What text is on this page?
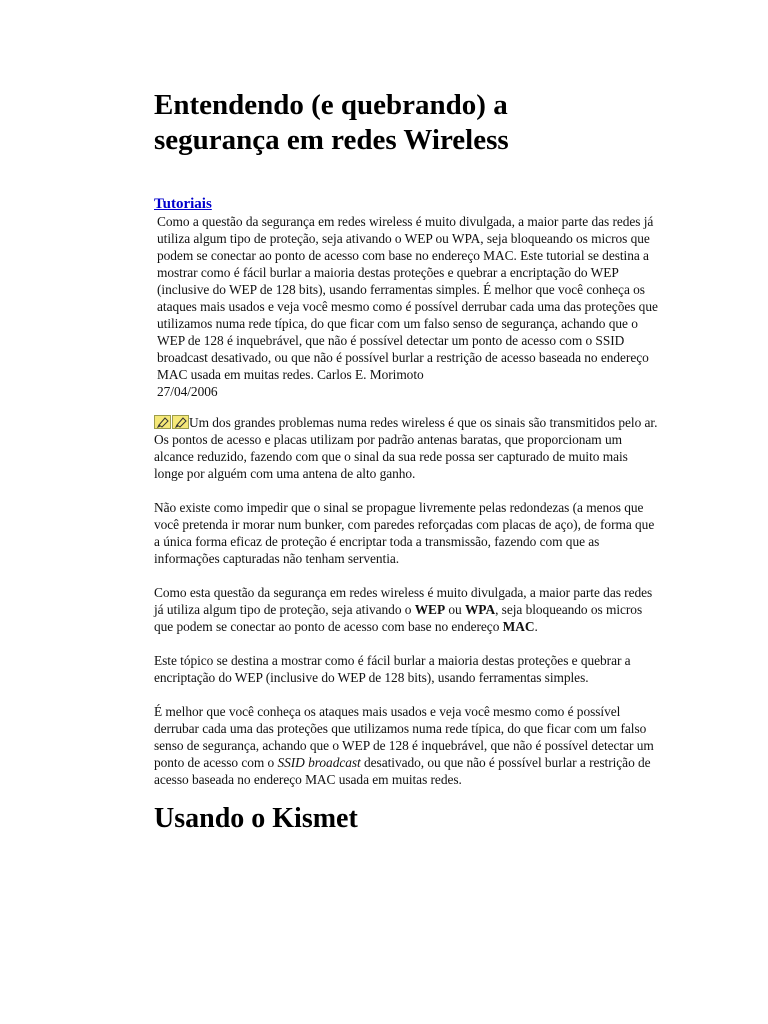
Entendendo (e quebrando) a
segurança em redes Wireless
Tutoriais

Como a questão da segurança em redes wireless é muito divulgada, a maior parte das redes já utiliza algum tipo de proteção, seja ativando o WEP ou WPA, seja bloqueando os micros que podem se conectar ao ponto de acesso com base no endereço MAC. Este tutorial se destina a mostrar como é fácil burlar a maioria destas proteções e quebrar a encriptação do WEP (inclusive do WEP de 128 bits), usando ferramentas simples. É melhor que você conheça os ataques mais usados e veja você mesmo como é possível derrubar cada uma das proteções que utilizamos numa rede típica, do que ficar com um falso senso de segurança, achando que o WEP de 128 é inquebrável, que não é possível detectar um ponto de acesso com o SSID broadcast desativado, ou que não é possível burlar a restrição de acesso baseada no endereço MAC usada em muitas redes. Carlos E. Morimoto
27/04/2006

Um dos grandes problemas numa redes wireless é que os sinais são transmitidos pelo ar. Os pontos de acesso e placas utilizam por padrão antenas baratas, que proporcionam um alcance reduzido, fazendo com que o sinal da sua rede possa ser capturado de muito mais longe por alguém com uma antena de alto ganho.

Não existe como impedir que o sinal se propague livremente pelas redondezas (a menos que você pretenda ir morar num bunker, com paredes reforçadas com placas de aço), de forma que a única forma eficaz de proteção é encriptar toda a transmissão, fazendo com que as informações capturadas não tenham serventia.

Como esta questão da segurança em redes wireless é muito divulgada, a maior parte das redes já utiliza algum tipo de proteção, seja ativando o WEP ou WPA, seja bloqueando os micros que podem se conectar ao ponto de acesso com base no endereço MAC.

Este tópico se destina a mostrar como é fácil burlar a maioria destas proteções e quebrar a encriptação do WEP (inclusive do WEP de 128 bits), usando ferramentas simples.

É melhor que você conheça os ataques mais usados e veja você mesmo como é possível derrubar cada uma das proteções que utilizamos numa rede típica, do que ficar com um falso senso de segurança, achando que o WEP de 128 é inquebrável, que não é possível detectar um ponto de acesso com o SSID broadcast desativado, ou que não é possível burlar a restrição de acesso baseada no endereço MAC usada em muitas redes.

Usando o Kismet
